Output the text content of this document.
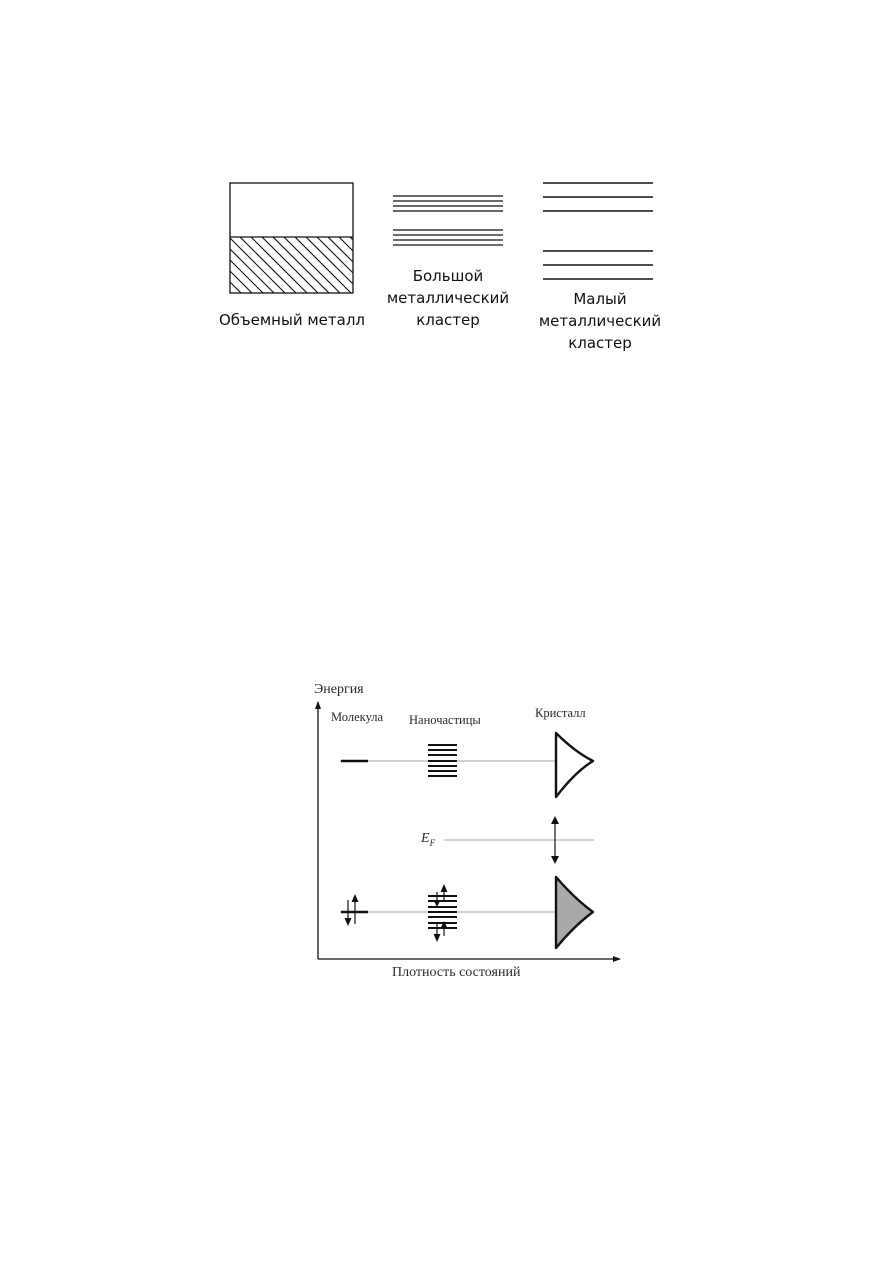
Объемный металл
Большой
металлический
кластер
Малый
металлический
кластер
Энергия
Молекула Наночастицы	Кристалл
$E_F$
Плотность состояний
